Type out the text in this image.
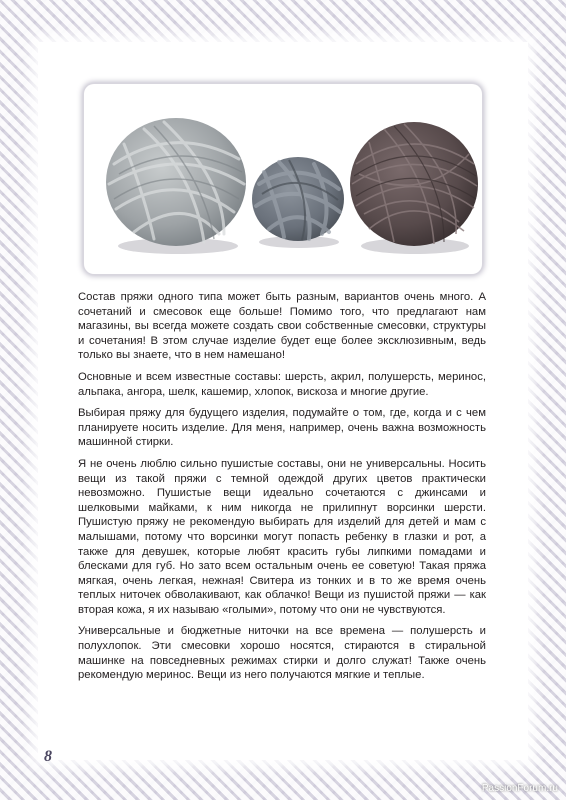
Состав пряжи одного типа может быть разным, вариантов очень много. А сочетаний и смесовок еще больше! Помимо того, что предлагают нам магазины, вы всегда можете создать свои собственные смесовки, структуры и сочетания! В этом случае изделие будет еще более эксклюзивным, ведь только вы знаете, что в нем намешано!

Основные и всем известные составы: шерсть, акрил, полушерсть, меринос, альпака, ангора, шелк, кашемир, хлопок, вискоза и многие другие.

Выбирая пряжу для будущего изделия, подумайте о том, где, когда и с чем планируете носить изделие. Для меня, например, очень важна возможность машинной стирки.

Я не очень люблю сильно пушистые составы, они не универсальны. Носить вещи из такой пряжи с темной одеждой других цветов практически невозможно. Пушистые вещи идеально сочетаются с джинсами и шелковыми майками, к ним никогда не прилипнут ворсинки шерсти. Пушистую пряжу не рекомендую выбирать для изделий для детей и мам с малышами, потому что ворсинки могут попасть ребенку в глазки и рот, а также для девушек, которые любят красить губы липкими помадами и блесками для губ. Но зато всем остальным очень ее советую! Такая пряжа мягкая, очень легкая, нежная! Свитера из тонких и в то же время очень теплых ниточек обволакивают, как облачко! Вещи из пушистой пряжи — как вторая кожа, я их называю «голыми», потому что они не чувствуются.

Универсальные и бюджетные ниточки на все времена — полушерсть и полухлопок. Эти смесовки хорошо носятся, стираются в стиральной машинке на повседневных режимах стирки и долго служат! Также очень рекомендую меринос. Вещи из него получаются мягкие и теплые.

8
PassionForum.ru
